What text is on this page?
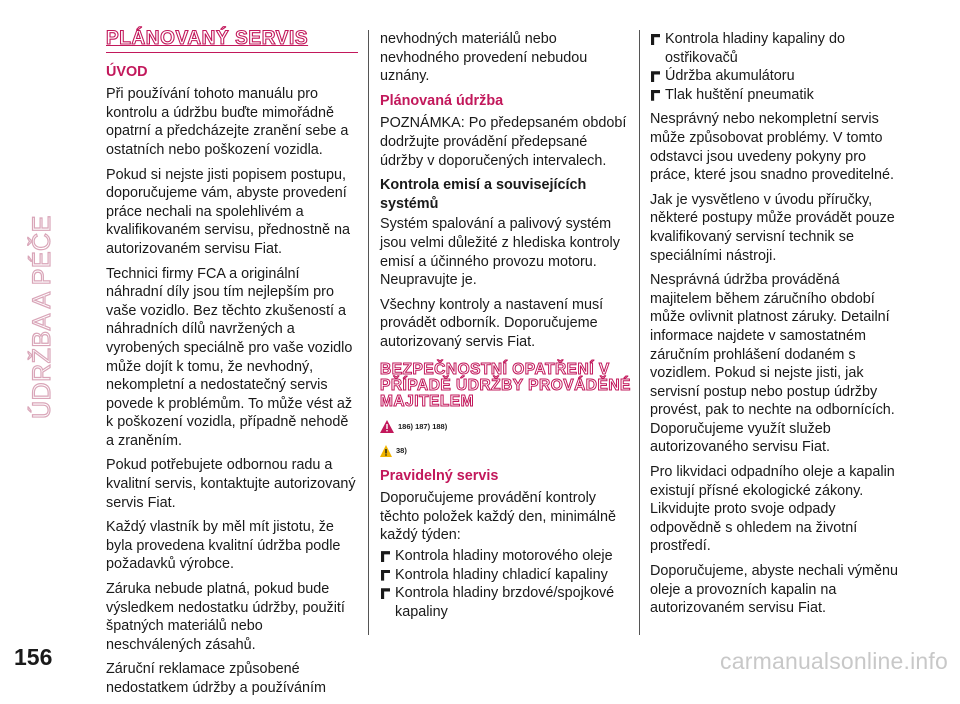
ÚDRŽBA A PÉČE
PLÁNOVANÝ SERVIS
ÚVOD

Při používání tohoto manuálu pro kontrolu a údržbu buďte mimořádně opatrní a předcházejte zranění sebe a ostatních nebo poškození vozidla.

Pokud si nejste jisti popisem postupu, doporučujeme vám, abyste provedení práce nechali na spolehlivém a kvalifikovaném servisu, přednostně na autorizovaném servisu Fiat.

Technici firmy FCA a originální náhradní díly jsou tím nejlepším pro vaše vozidlo. Bez těchto zkušeností a náhradních dílů navržených a vyrobených speciálně pro vaše vozidlo může dojít k tomu, že nevhodný, nekompletní a nedostatečný servis povede k problémům. To může vést až k poškození vozidla, případně nehodě a zraněním.

Pokud potřebujete odbornou radu a kvalitní servis, kontaktujte autorizovaný servis Fiat.

Každý vlastník by měl mít jistotu, že byla provedena kvalitní údržba podle požadavků výrobce.

Záruka nebude platná, pokud bude výsledkem nedostatku údržby, použití špatných materiálů nebo neschválených zásahů.

Záruční reklamace způsobené nedostatkem údržby a používáním

nevhodných materiálů nebo nevhodného provedení nebudou uznány.

Plánovaná údržba

POZNÁMKA: Po předepsaném období dodržujte provádění předepsané údržby v doporučených intervalech.

Kontrola emisí a souvisejících systémů

Systém spalování a palivový systém jsou velmi důležité z hlediska kontroly emisí a účinného provozu motoru. Neupravujte je.

Všechny kontroly a nastavení musí provádět odborník. Doporučujeme autorizovaný servis Fiat.

BEZPEČNOSTNÍ OPATŘENÍ V PŘÍPADĚ ÚDRŽBY PROVÁDĚNÉ MAJITELEM
186) 187) 188)
38)
Pravidelný servis

Doporučujeme provádění kontroly těchto položek každý den, minimálně každý týden:

Kontrola hladiny motorového oleje
Kontrola hladiny chladicí kapaliny
Kontrola hladiny brzdové/spojkové kapaliny
Kontrola hladiny kapaliny do ostřikovačů
Údržba akumulátoru
Tlak huštění pneumatik

Nesprávný nebo nekompletní servis může způsobovat problémy. V tomto odstavci jsou uvedeny pokyny pro práce, které jsou snadno proveditelné.

Jak je vysvětleno v úvodu příručky, některé postupy může provádět pouze kvalifikovaný servisní technik se speciálními nástroji.

Nesprávná údržba prováděná majitelem během záručního období může ovlivnit platnost záruky. Detailní informace najdete v samostatném záručním prohlášení dodaném s vozidlem. Pokud si nejste jisti, jak servisní postup nebo postup údržby provést, pak to nechte na odbornících. Doporučujeme využít služeb autorizovaného servisu Fiat.

Pro likvidaci odpadního oleje a kapalin existují přísné ekologické zákony. Likvidujte proto svoje odpady odpovědně s ohledem na životní prostředí.

Doporučujeme, abyste nechali výměnu oleje a provozních kapalin na autorizovaném servisu Fiat.

156	carmanualsonline.info
